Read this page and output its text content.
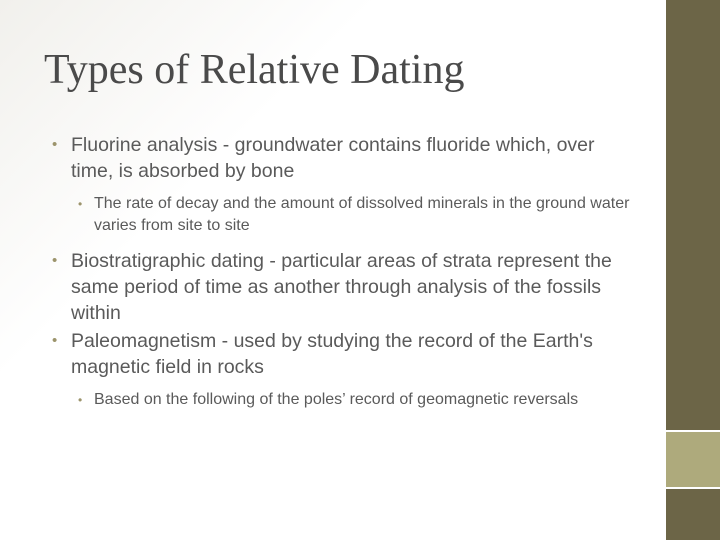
Types of Relative Dating
• Fluorine analysis - groundwater contains fluoride which, over time, is absorbed by bone
• The rate of decay and the amount of dissolved minerals in the ground water varies from site to site
• Biostratigraphic dating - particular areas of strata represent the same period of time as another through analysis of the fossils within
• Paleomagnetism - used by studying the record of the Earth's magnetic field in rocks
• Based on the following of the poles’ record of geomagnetic reversals
